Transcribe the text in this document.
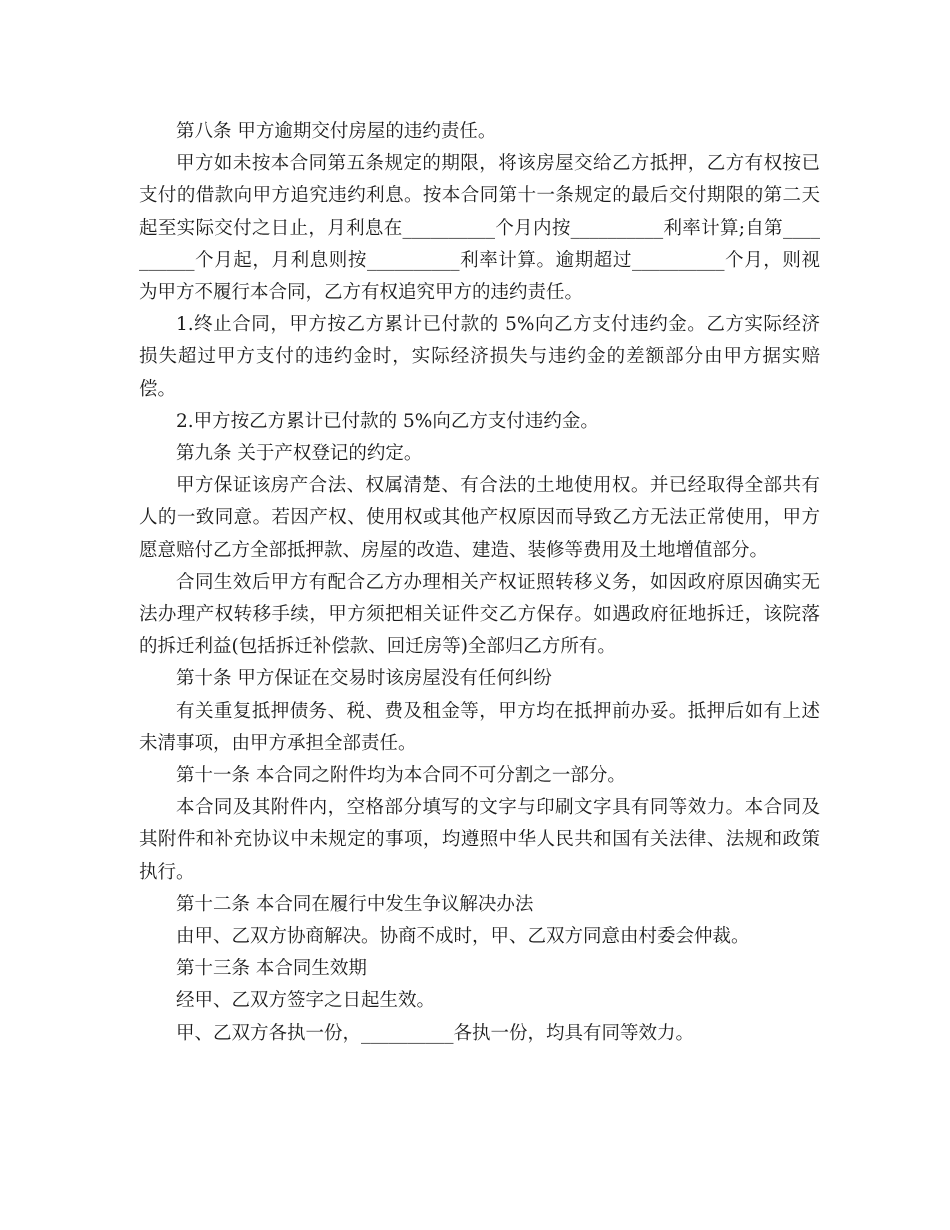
第八条 甲方逾期交付房屋的违约责任。

甲方如未按本合同第五条规定的期限，将该房屋交给乙方抵押，乙方有权按已支付的借款向甲方追究违约利息。按本合同第十一条规定的最后交付期限的第二天起至实际交付之日止，月利息在__________个月内按__________利率计算;自第__________个月起，月利息则按__________利率计算。逾期超过__________个月，则视为甲方不履行本合同，乙方有权追究甲方的违约责任。

1.终止合同，甲方按乙方累计已付款的 5%向乙方支付违约金。乙方实际经济损失超过甲方支付的违约金时，实际经济损失与违约金的差额部分由甲方据实赔偿。

2.甲方按乙方累计已付款的 5%向乙方支付违约金。

第九条 关于产权登记的约定。

甲方保证该房产合法、权属清楚、有合法的土地使用权。并已经取得全部共有人的一致同意。若因产权、使用权或其他产权原因而导致乙方无法正常使用，甲方愿意赔付乙方全部抵押款、房屋的改造、建造、装修等费用及土地增值部分。

合同生效后甲方有配合乙方办理相关产权证照转移义务，如因政府原因确实无法办理产权转移手续，甲方须把相关证件交乙方保存。如遇政府征地拆迁，该院落的拆迁利益(包括拆迁补偿款、回迁房等)全部归乙方所有。

第十条 甲方保证在交易时该房屋没有任何纠纷

有关重复抵押债务、税、费及租金等，甲方均在抵押前办妥。抵押后如有上述未清事项，由甲方承担全部责任。

第十一条 本合同之附件均为本合同不可分割之一部分。

本合同及其附件内，空格部分填写的文字与印刷文字具有同等效力。本合同及其附件和补充协议中未规定的事项，均遵照中华人民共和国有关法律、法规和政策执行。

第十二条 本合同在履行中发生争议解决办法

由甲、乙双方协商解决。协商不成时，甲、乙双方同意由村委会仲裁。

第十三条 本合同生效期

经甲、乙双方签字之日起生效。

甲、乙双方各执一份，__________各执一份，均具有同等效力。
